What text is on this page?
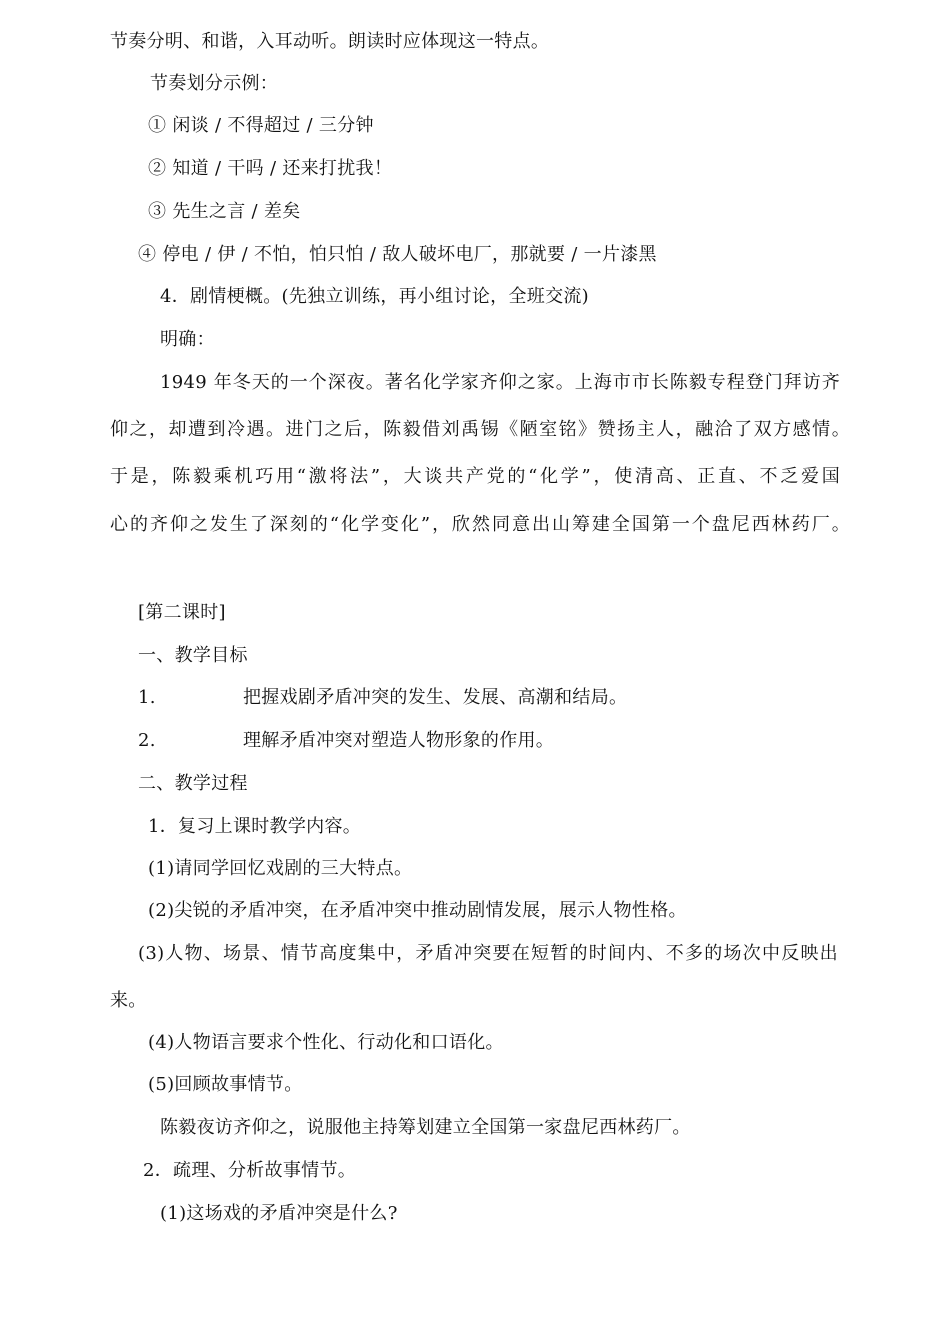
节奏分明、和谐，入耳动听。朗读时应体现这一特点。
节奏划分示例：
① 闲谈 / 不得超过 / 三分钟
② 知道 / 干吗 / 还来打扰我！
③ 先生之言 / 差矣
④ 停电 / 伊 / 不怕，怕只怕 / 敌人破坏电厂，那就要 / 一片漆黑
4．剧情梗概。(先独立训练，再小组讨论，全班交流)
明确：
1949 年冬天的一个深夜。著名化学家齐仰之家。上海市市长陈毅专程登门拜访齐
仰之，却遭到冷遇。进门之后，陈毅借刘禹锡《陋室铭》赞扬主人，融洽了双方感情。
于是，陈毅乘机巧用“激将法”，大谈共产党的“化学”，使清高、正直、不乏爱国
心的齐仰之发生了深刻的“化学变化”，欣然同意出山筹建全国第一个盘尼西林药厂。
[第二课时]
一、教学目标
1.	把握戏剧矛盾冲突的发生、发展、高潮和结局。
2.	理解矛盾冲突对塑造人物形象的作用。
二、教学过程
1．复习上课时教学内容。
(1)请同学回忆戏剧的三大特点。
(2)尖锐的矛盾冲突，在矛盾冲突中推动剧情发展，展示人物性格。
(3)人物、场景、情节高度集中，矛盾冲突要在短暂的时间内、不多的场次中反映出
来。
(4)人物语言要求个性化、行动化和口语化。
(5)回顾故事情节。
陈毅夜访齐仰之，说服他主持筹划建立全国第一家盘尼西林药厂。
2．疏理、分析故事情节。
(1)这场戏的矛盾冲突是什么?
